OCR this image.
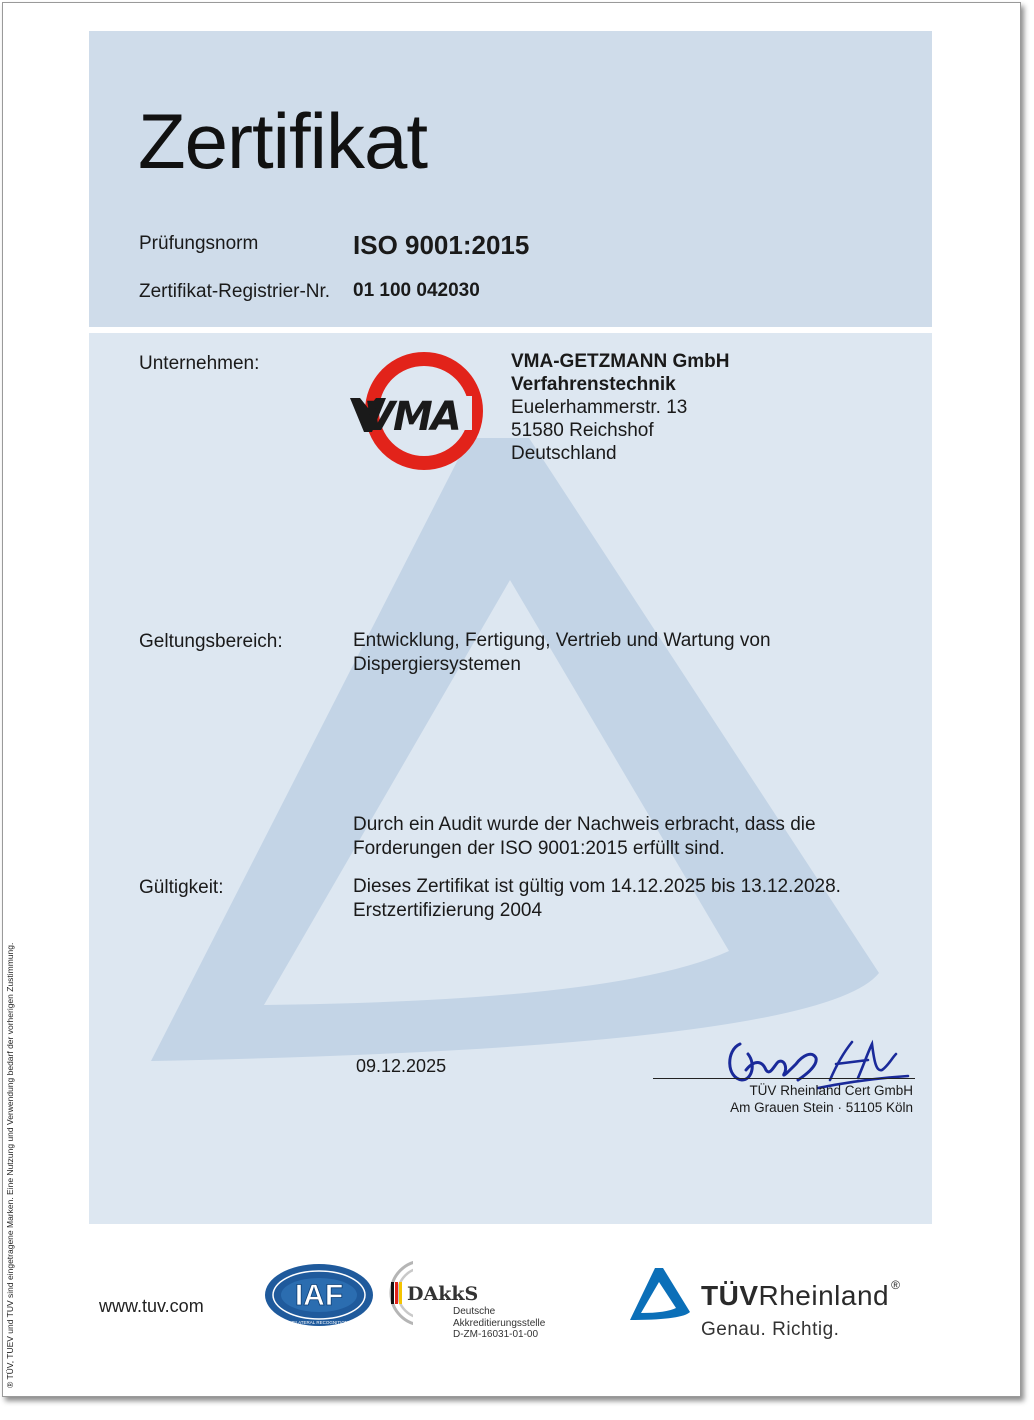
Zertifikat
Prüfungsnorm	ISO 9001:2015
Zertifikat-Registrier-Nr. 01 100 042030
Unternehmen:
VMA
VMA-GETZMANN GmbH
Verfahrenstechnik
Euelerhammerstr. 13
51580 Reichshof
Deutschland
Geltungsbereich:	Entwicklung, Fertigung, Vertrieb und Wartung von
Dispergiersystemen
Durch ein Audit wurde der Nachweis erbracht, dass die
Forderungen der ISO 9001:2015 erfüllt sind.
Gültigkeit:	Dieses Zertifikat ist gültig vom 14.12.2025 bis 13.12.2028.
Erstzertifizierung 2004
09.12.2025
TÜV Rheinland Cert GmbH
Am Grauen Stein · 51105 Köln
® TÜV, TUEV und TUV sind eingetragene Marken. Eine Nutzung und Verwendung bedarf der vorherigen Zustimmung.	www.tuv.com	IAF
MEMBER OF MULTILATERAL RECOGNITION ARRANGEMENT
DAkkS
Deutsche
Akkreditierungsstelle
D-ZM-16031-01-00
TÜVRheinland ®
Genau. Richtig.
